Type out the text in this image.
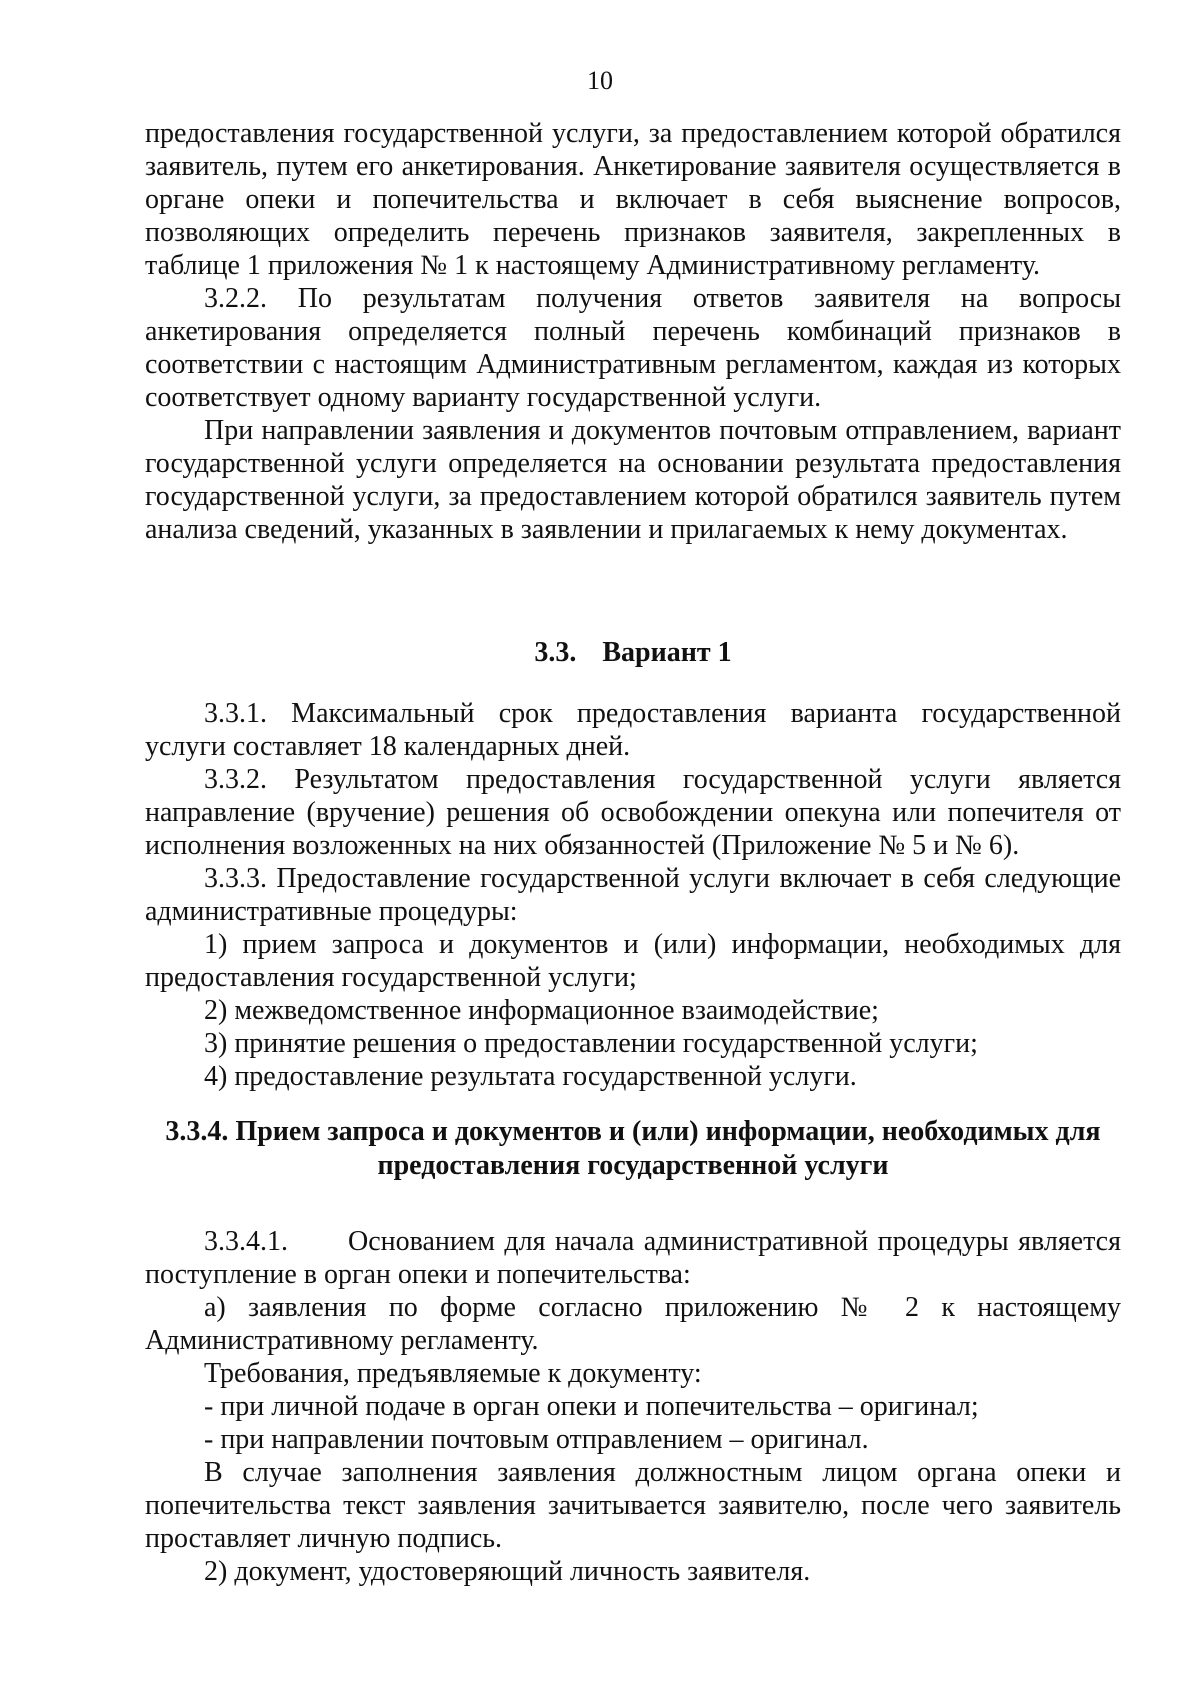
10

предоставления государственной услуги, за предоставлением которой обратился заявитель, путем его анкетирования. Анкетирование заявителя осуществляется в органе опеки и попечительства и включает в себя выяснение вопросов, позволяющих определить перечень признаков заявителя, закрепленных в таблице 1 приложения № 1 к настоящему Административному регламенту.

3.2.2. По результатам получения ответов заявителя на вопросы анкетирования определяется полный перечень комбинаций признаков в соответствии с настоящим Административным регламентом, каждая из которых соответствует одному варианту государственной услуги.

При направлении заявления и документов почтовым отправлением, вариант государственной услуги определяется на основании результата предоставления государственной услуги, за предоставлением которой обратился заявитель путем анализа сведений, указанных в заявлении и прилагаемых к нему документах.

3.3. Вариант 1

3.3.1. Максимальный срок предоставления варианта государственной услуги составляет 18 календарных дней.

3.3.2. Результатом предоставления государственной услуги является направление (вручение) решения об освобождении опекуна или попечителя от исполнения возложенных на них обязанностей (Приложение № 5 и № 6).

3.3.3. Предоставление государственной услуги включает в себя следующие административные процедуры:

1) прием запроса и документов и (или) информации, необходимых для предоставления государственной услуги;

2) межведомственное информационное взаимодействие;

3) принятие решения о предоставлении государственной услуги;

4) предоставление результата государственной услуги.

3.3.4. Прием запроса и документов и (или) информации, необходимых для

предоставления государственной услуги

3.3.4.1. Основанием для начала административной процедуры является поступление в орган опеки и попечительства:

а) заявления по форме согласно приложению № 2 к настоящему Административному регламенту.

Требования, предъявляемые к документу:

- при личной подаче в орган опеки и попечительства – оригинал;

- при направлении почтовым отправлением – оригинал.

В случае заполнения заявления должностным лицом органа опеки и попечительства текст заявления зачитывается заявителю, после чего заявитель проставляет личную подпись.

2) документ, удостоверяющий личность заявителя.
